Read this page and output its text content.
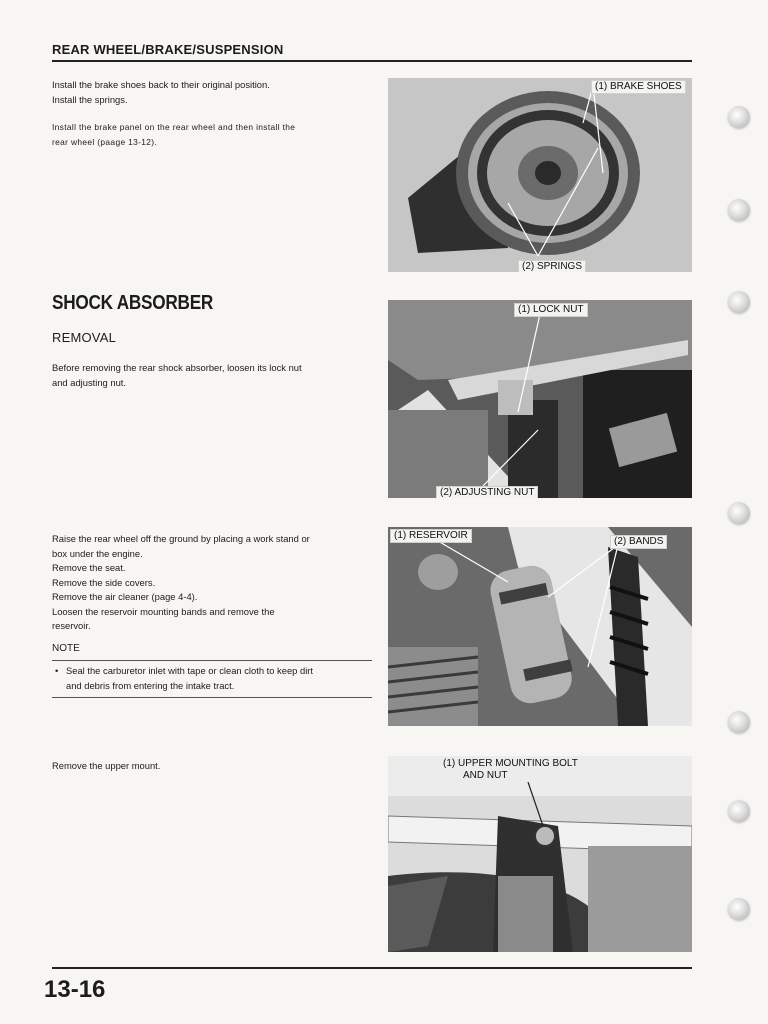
REAR WHEEL/BRAKE/SUSPENSION
Install the brake shoes back to their original position.
Install the springs.
Install the brake panel on the rear wheel and then install the
rear wheel (paage 13-12).
(1) BRAKE SHOES
(2) SPRINGS
SHOCK ABSORBER
REMOVAL
Before removing the rear shock absorber, loosen its lock nut
and adjusting nut.
(1) LOCK NUT
(2) ADJUSTING NUT
Raise the rear wheel off the ground by placing a work stand or
box under the engine.
Remove the seat.
Remove the side covers.
Remove the air cleaner (page 4-4).
Loosen the reservoir mounting bands and remove the
reservoir.
NOTE
• Seal the carburetor inlet with tape or clean cloth to keep dirt
and debris from entering the intake tract.
(1) RESERVOIR
(2) BANDS
Remove the upper mount.	(1) UPPER MOUNTING BOLT
AND NUT
13-16
